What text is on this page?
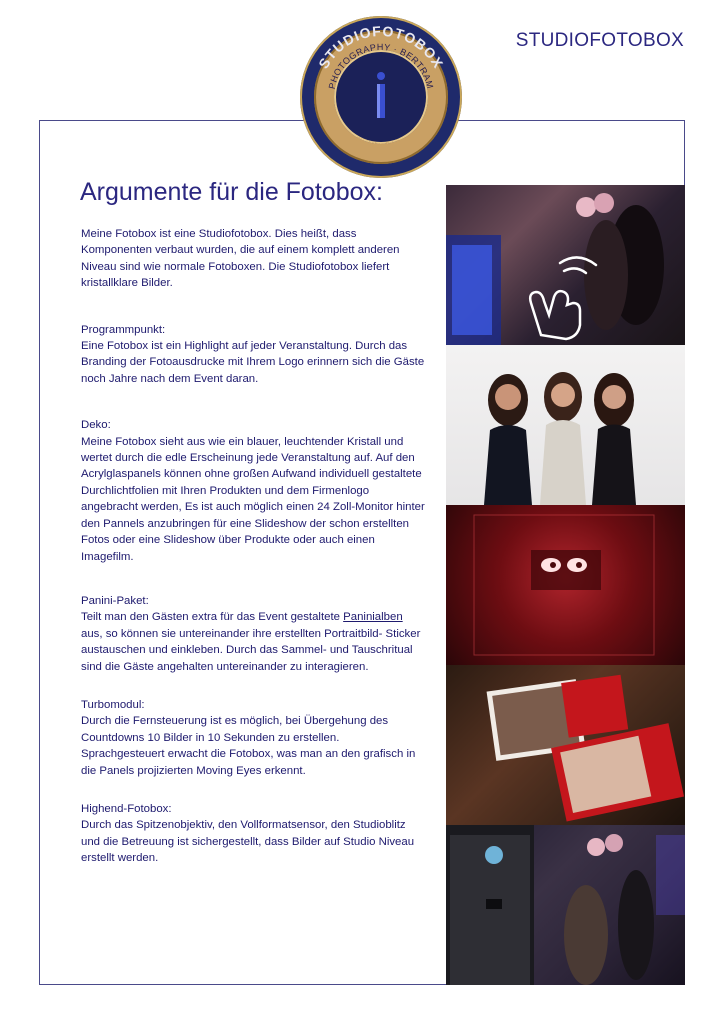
STUDIOFOTOBOX
STUDIOFOTOBOX
PHOTOGRAPHY · BERTRAM
Die Highendfotobox
Argumente für die Fotobox:

Meine Fotobox ist eine Studiofotobox. Dies heißt, dass Komponenten verbaut wurden, die auf einem komplett anderen Niveau sind wie normale Fotoboxen. Die Studiofotobox liefert kristallklare Bilder.

Programmpunkt:

Eine Fotobox ist ein Highlight auf jeder Veranstaltung. Durch das Branding der Fotoausdrucke mit Ihrem Logo erinnern sich die Gäste noch Jahre nach dem Event daran.

Deko:

Meine Fotobox sieht aus wie ein blauer, leuchtender Kristall und wertet durch die edle Erscheinung jede Veranstaltung auf. Auf den Acrylglaspanels können ohne großen Aufwand individuell gestaltete Durchlichtfolien mit Ihren Produkten und dem Firmenlogo angebracht werden, Es ist auch möglich einen 24 Zoll-Monitor hinter den Pannels anzubringen für eine Slideshow der schon erstellten Fotos oder eine Slideshow über Produkte oder auch einen Imagefilm.

Panini-Paket:

Teilt man den Gästen extra für das Event gestaltete Paninialben aus, so können sie untereinander ihre erstellten Portraitbild- Sticker austauschen und einkleben. Durch das Sammel- und Tauschritual sind die Gäste angehalten untereinander zu interagieren.

Turbomodul:

Durch die Fernsteuerung ist es möglich, bei Übergehung des Countdowns 10 Bilder in 10 Sekunden zu erstellen. Sprachgesteuert erwacht die Fotobox, was man an den grafisch in die Panels projizierten Moving Eyes erkennt.

Highend-Fotobox:

Durch das Spitzenobjektiv, den Vollformatsensor, den Studioblitz und die Betreuung ist sichergestellt, dass Bilder auf Studio Niveau erstellt werden.
